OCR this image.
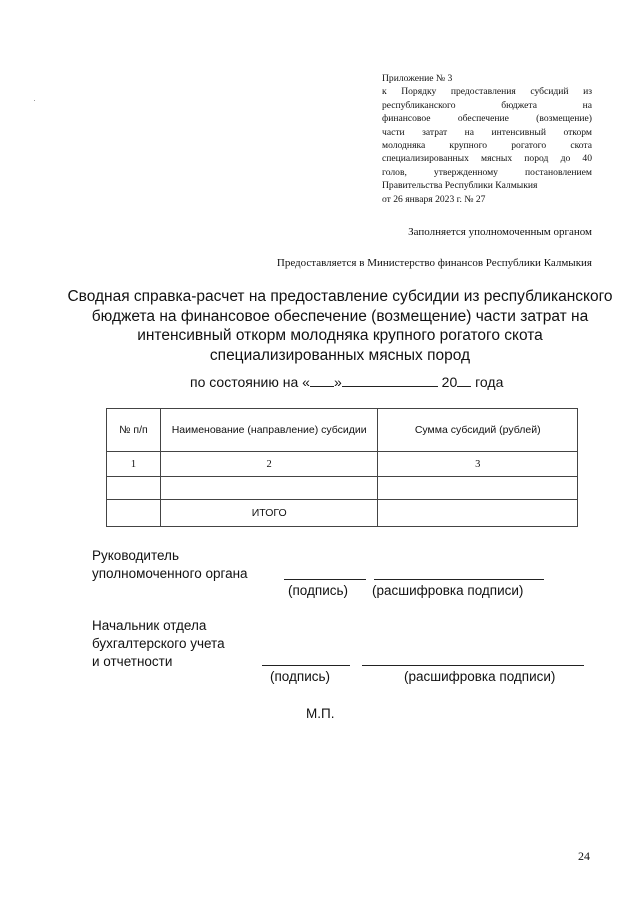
Приложение № 3
к Порядку предоставления субсидий из
республиканского бюджета на
финансовое обеспечение (возмещение)
части затрат на интенсивный откорм
молодняка крупного рогатого скота
специализированных мясных пород до 40
голов, утвержденному постановлением
Правительства Республики Калмыкия
от 26 января 2023 г. № 27
Заполняется уполномоченным органом
Предоставляется в Министерство финансов Республики Калмыкия
Сводная справка-расчет на предоставление субсидии из республиканского
бюджета на финансовое обеспечение (возмещение) части затрат на
интенсивный откорм молодняка крупного рогатого скота
специализированных мясных пород
по состоянию на « »	20 года
№ п/п	Наименование (направление) субсидии	Сумма субсидий (рублей)
1	2	3

	ИТОГО	
Руководитель
уполномоченного органа
(подпись) (расшифровка подписи)
Начальник отдела
бухгалтерского учета
и отчетности
(подпись)	(расшифровка подписи)
М.П.
24
